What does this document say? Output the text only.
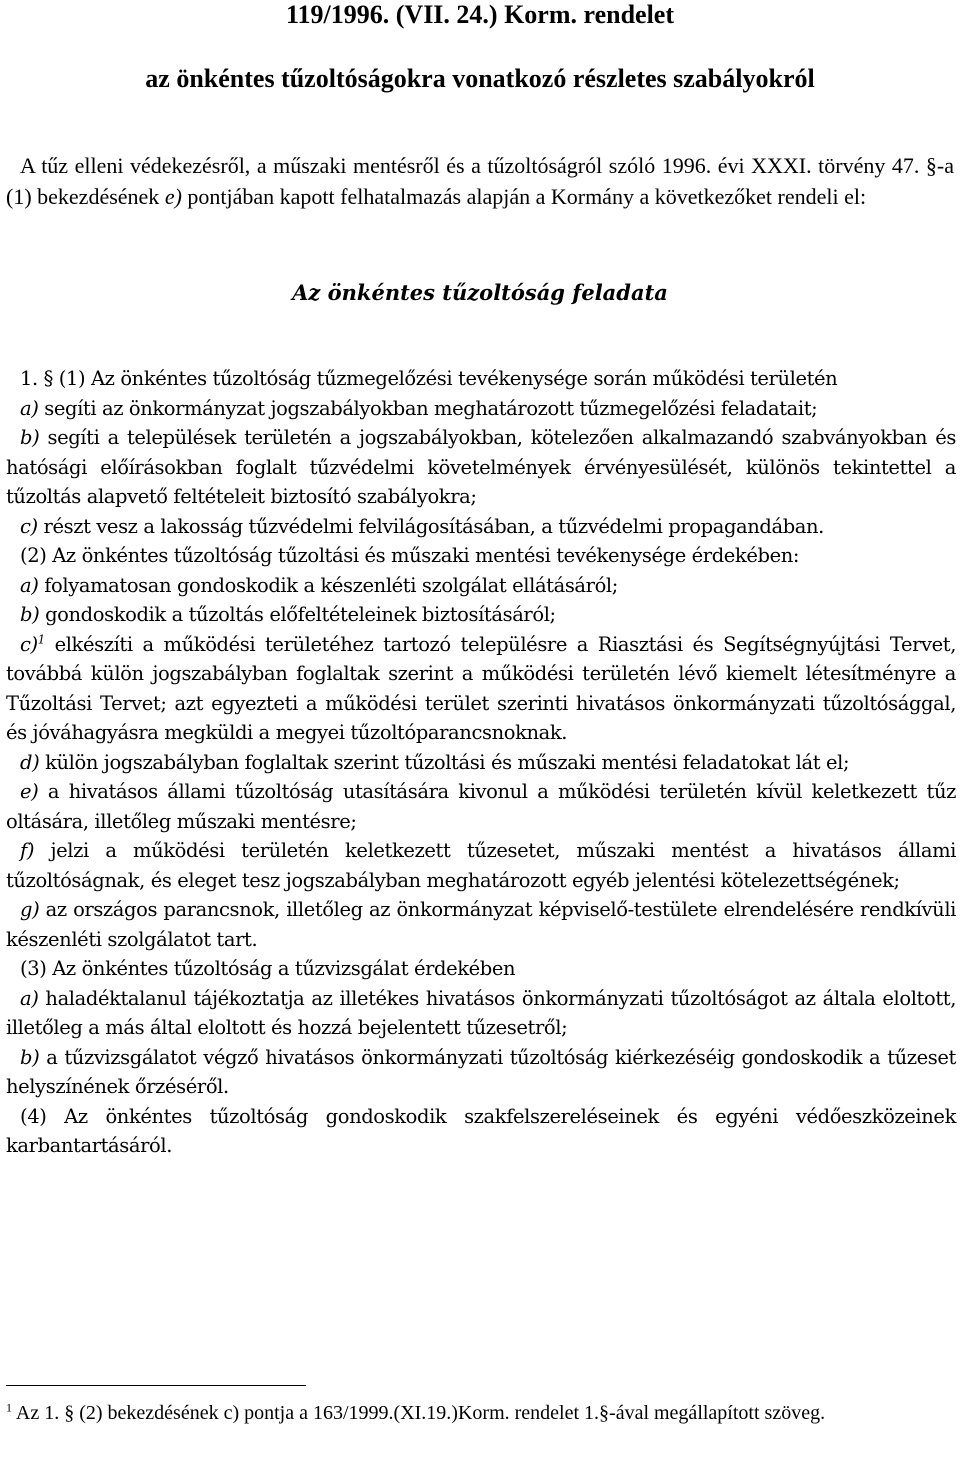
119/1996. (VII. 24.) Korm. rendelet
az önkéntes tűzoltóságokra vonatkozó részletes szabályokról

A tűz elleni védekezésről, a műszaki mentésről és a tűzoltóságról szóló 1996. évi XXXI. törvény 47. §-a (1) bekezdésének e) pontjában kapott felhatalmazás alapján a Kormány a következőket rendeli el:

Az önkéntes tűzoltóság feladata

1. § (1) Az önkéntes tűzoltóság tűzmegelőzési tevékenysége során működési területén

a) segíti az önkormányzat jogszabályokban meghatározott tűzmegelőzési feladatait;

b) segíti a települések területén a jogszabályokban, kötelezően alkalmazandó szabványokban és hatósági előírásokban foglalt tűzvédelmi követelmények érvényesülését, különös tekintettel a tűzoltás alapvető feltételeit biztosító szabályokra;

c) részt vesz a lakosság tűzvédelmi felvilágosításában, a tűzvédelmi propagandában.

(2) Az önkéntes tűzoltóság tűzoltási és műszaki mentési tevékenysége érdekében:

a) folyamatosan gondoskodik a készenléti szolgálat ellátásáról;

b) gondoskodik a tűzoltás előfeltételeinek biztosításáról;

c)$^1$ elkészíti a működési területéhez tartozó településre a Riasztási és Segítségnyújtási Tervet, továbbá külön jogszabályban foglaltak szerint a működési területén lévő kiemelt létesítményre a Tűzoltási Tervet; azt egyezteti a működési terület szerinti hivatásos önkormányzati tűzoltósággal, és jóváhagyásra megküldi a megyei tűzoltóparancsnoknak.

d) külön jogszabályban foglaltak szerint tűzoltási és műszaki mentési feladatokat lát el;

e) a hivatásos állami tűzoltóság utasítására kivonul a működési területén kívül keletkezett tűz oltására, illetőleg műszaki mentésre;

f) jelzi a működési területén keletkezett tűzesetet, műszaki mentést a hivatásos állami tűzoltóságnak, és eleget tesz jogszabályban meghatározott egyéb jelentési kötelezettségének;

g) az országos parancsnok, illetőleg az önkormányzat képviselő-testülete elrendelésére rendkívüli készenléti szolgálatot tart.

(3) Az önkéntes tűzoltóság a tűzvizsgálat érdekében

a) haladéktalanul tájékoztatja az illetékes hivatásos önkormányzati tűzoltóságot az általa eloltott, illetőleg a más által eloltott és hozzá bejelentett tűzesetről;

b) a tűzvizsgálatot végző hivatásos önkormányzati tűzoltóság kiérkezéséig gondoskodik a tűzeset helyszínének őrzéséről.

(4) Az önkéntes tűzoltóság gondoskodik szakfelszereléseinek és egyéni védőeszközeinek karbantartásáról.

$^1$ Az 1. § (2) bekezdésének c) pontja a 163/1999.(XI.19.)Korm. rendelet 1.§-ával megállapított szöveg.
